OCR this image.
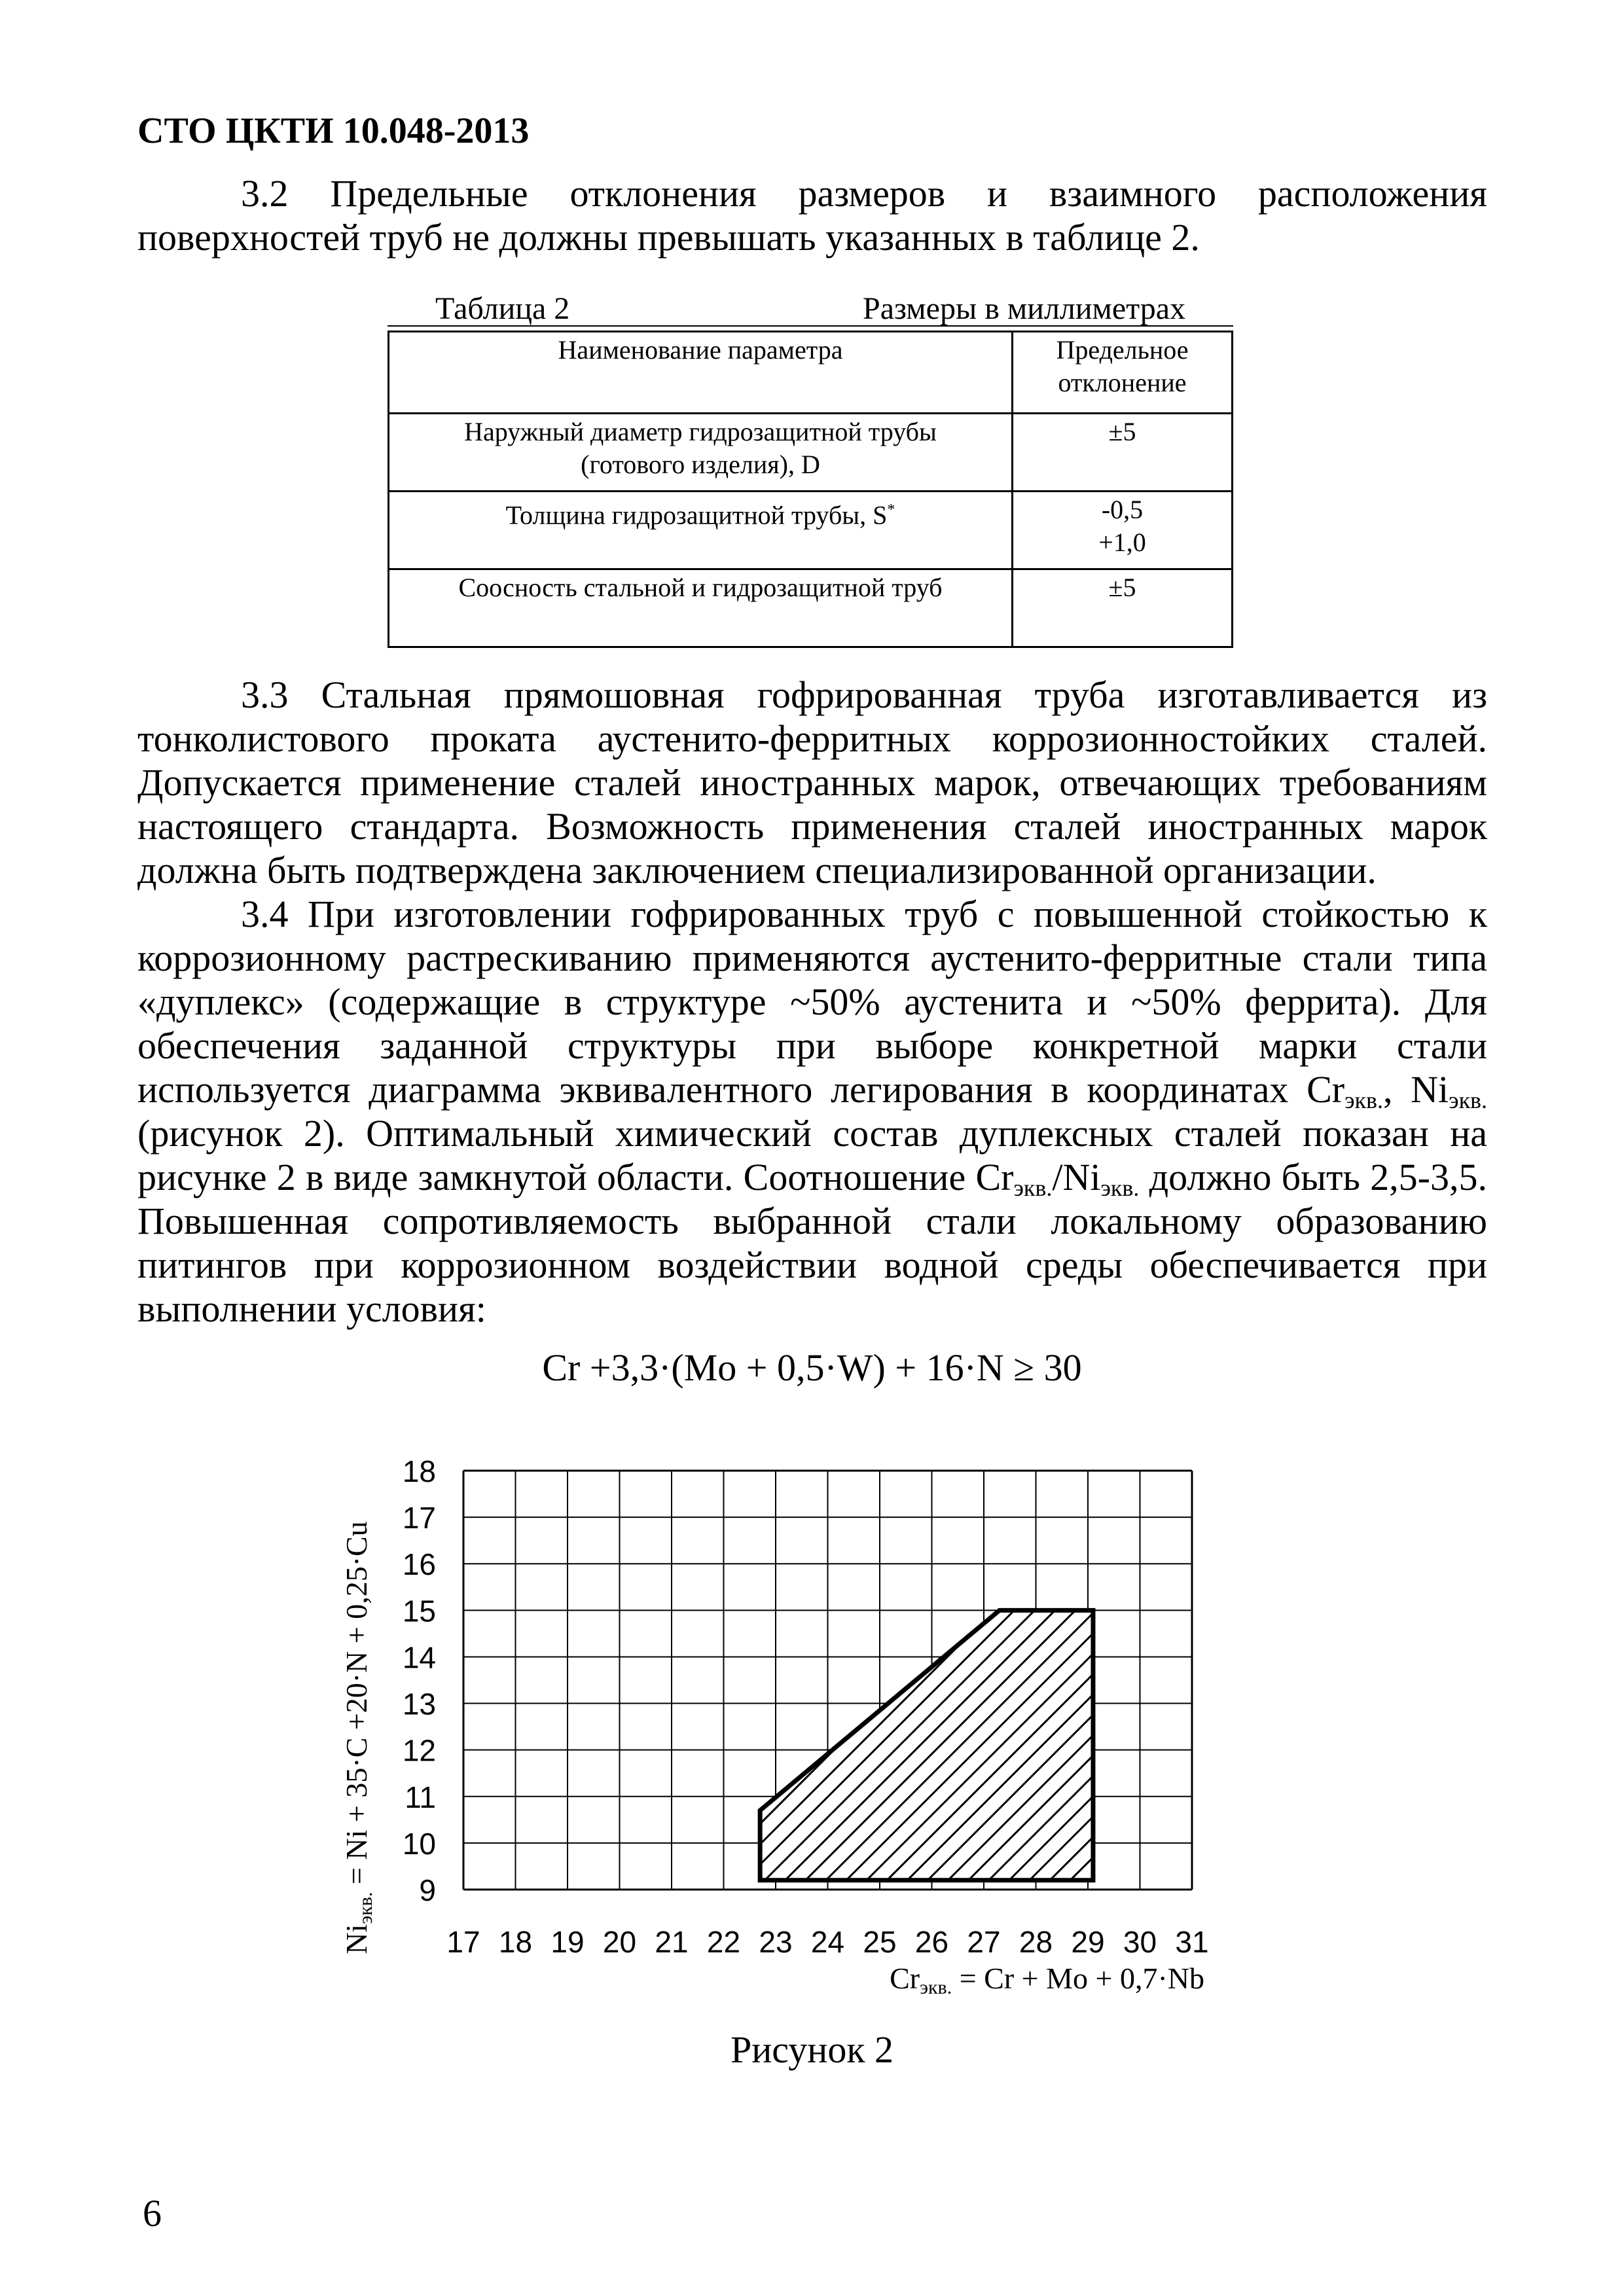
СТО ЦКТИ 10.048-2013
3.2 Предельные отклонения размеров и взаимного расположения поверхностей труб не должны превышать указанных в таблице 2.
Таблица 2	Размеры в миллиметрах
Наименование параметра	Предельное отклонение

Наружный диаметр гидрозащитной трубы
(готового изделия), D	±5

Толщина гидрозащитной трубы, S*	-0,5
+1,0

Соосность стальной и гидрозащитной труб	±5
3.3 Стальная прямошовная гофрированная труба изготавливается из тонколистового проката аустенито-ферритных коррозионностойких сталей. Допускается применение сталей иностранных марок, отвечающих требованиям настоящего стандарта. Возможность применения сталей иностранных марок должна быть подтверждена заключением специализированной организации.
3.4 При изготовлении гофрированных труб с повышенной стойкостью к коррозионному растрескиванию применяются аустенито-ферритные стали типа «дуплекс» (содержащие в структуре ~50% аустенита и ~50% феррита). Для обеспечения заданной структуры при выборе конкретной марки стали используется диаграмма эквивалентного легирования в координатах $Cr_{экв.}$, $Ni_{экв.}$ (рисунок 2). Оптимальный химический состав дуплексных сталей показан на рисунке 2 в виде замкнутой области. Соотношение $Cr_{экв.}/Ni_{экв.}$ должно быть 2,5-3,5. Повышенная сопротивляемость выбранной стали локальному образованию питингов при коррозионном воздействии водной среды обеспечивается при выполнении условия:
Cr +3,3·(Mo + 0,5·W) + 16·N ≥ 30
17 18 19 20 21 22 23 24 25 26 27 28 29 30 31
9
10
11
12
13
14
15
16
17
18
Crэкв. = Cr + Mo + 0,7·Nb
Niэкв. = Ni + 35·C +20·N + 0,25·Cu
Рисунок 2
6
